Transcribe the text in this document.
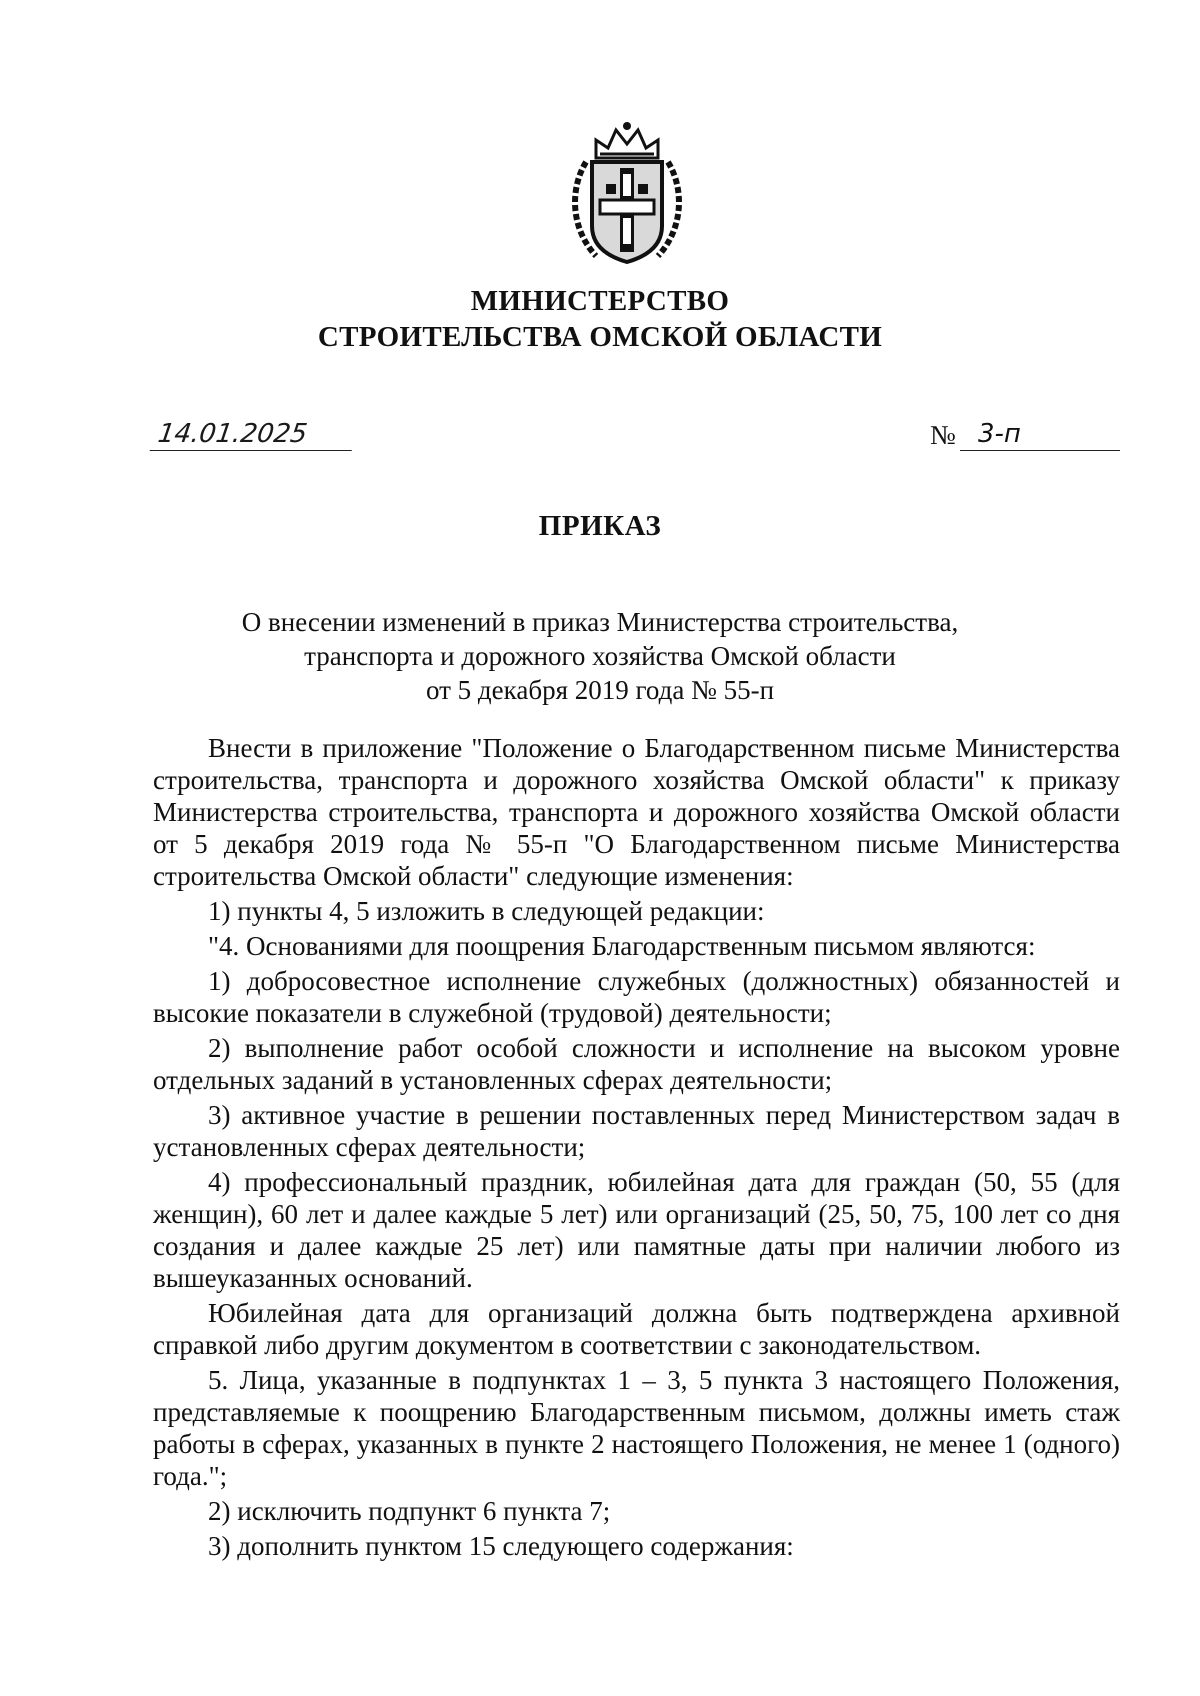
МИНИСТЕРСТВО
СТРОИТЕЛЬСТВА ОМСКОЙ ОБЛАСТИ
14.01.2025	№ 3-п
ПРИКАЗ
О внесении изменений в приказ Министерства строительства,
транспорта и дорожного хозяйства Омской области
от 5 декабря 2019 года № 55-п

Внести в приложение "Положение о Благодарственном письме Министерства строительства, транспорта и дорожного хозяйства Омской области" к приказу Министерства строительства, транспорта и дорожного хозяйства Омской области от 5 декабря 2019 года № 55-п "О Благодарственном письме Министерства строительства Омской области" следующие изменения:

1) пункты 4, 5 изложить в следующей редакции:

"4. Основаниями для поощрения Благодарственным письмом являются:

1) добросовестное исполнение служебных (должностных) обязанностей и высокие показатели в служебной (трудовой) деятельности;

2) выполнение работ особой сложности и исполнение на высоком уровне отдельных заданий в установленных сферах деятельности;

3) активное участие в решении поставленных перед Министерством задач в установленных сферах деятельности;

4) профессиональный праздник, юбилейная дата для граждан (50, 55 (для женщин), 60 лет и далее каждые 5 лет) или организаций (25, 50, 75, 100 лет со дня создания и далее каждые 25 лет) или памятные даты при наличии любого из вышеуказанных оснований.

Юбилейная дата для организаций должна быть подтверждена архивной справкой либо другим документом в соответствии с законодательством.

5. Лица, указанные в подпунктах 1 – 3, 5 пункта 3 настоящего Положения, представляемые к поощрению Благодарственным письмом, должны иметь стаж работы в сферах, указанных в пункте 2 настоящего Положения, не менее 1 (одного) года.";

2) исключить подпункт 6 пункта 7;

3) дополнить пунктом 15 следующего содержания:
